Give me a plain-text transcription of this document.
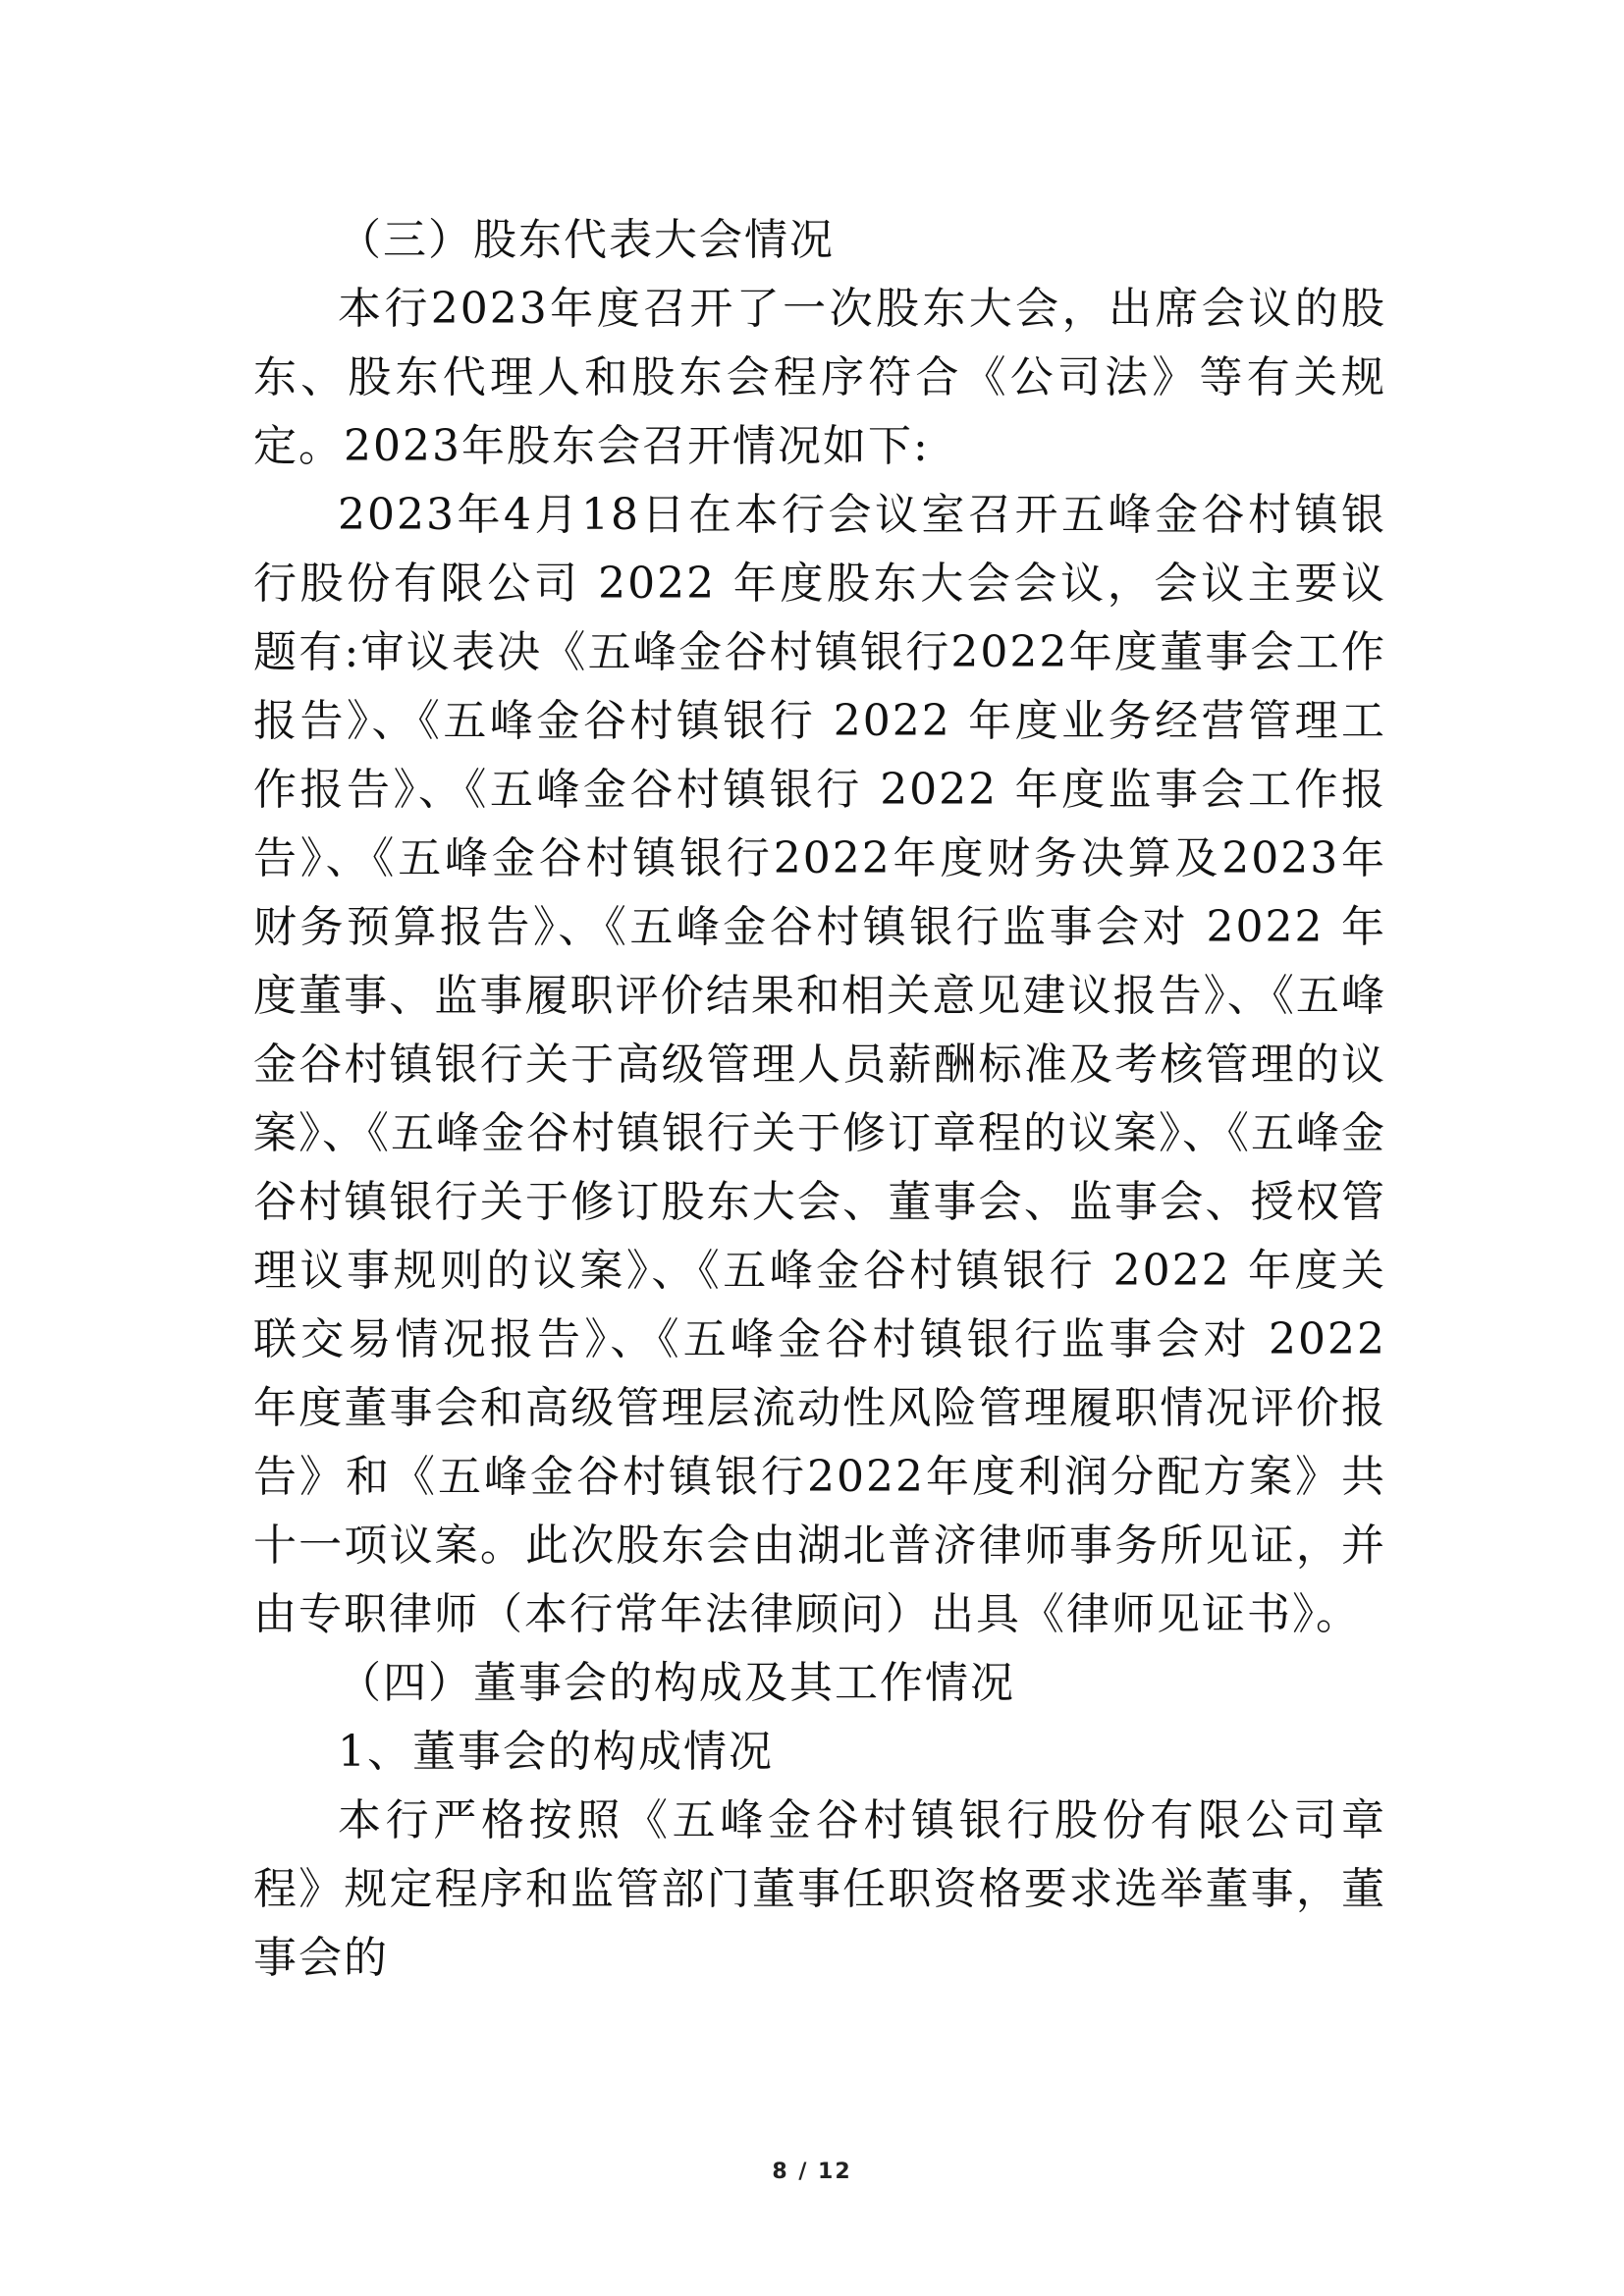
（三）股东代表大会情况

本行2023年度召开了一次股东大会，出席会议的股东、股东代理人和股东会程序符合《公司法》等有关规定。2023年股东会召开情况如下:

2023年4月18日在本行会议室召开五峰金谷村镇银行股份有限公司 2022 年度股东大会会议，会议主要议题有:审议表决《五峰金谷村镇银行2022年度董事会工作报告》、《五峰金谷村镇银行 2022 年度业务经营管理工作报告》、《五峰金谷村镇银行 2022 年度监事会工作报告》、《五峰金谷村镇银行2022年度财务决算及2023年财务预算报告》、《五峰金谷村镇银行监事会对 2022 年度董事、监事履职评价结果和相关意见建议报告》、《五峰金谷村镇银行关于高级管理人员薪酬标准及考核管理的议案》、《五峰金谷村镇银行关于修订章程的议案》、《五峰金谷村镇银行关于修订股东大会、董事会、监事会、授权管理议事规则的议案》、《五峰金谷村镇银行 2022 年度关联交易情况报告》、《五峰金谷村镇银行监事会对 2022 年度董事会和高级管理层流动性风险管理履职情况评价报告》和《五峰金谷村镇银行2022年度利润分配方案》共十一项议案。此次股东会由湖北普济律师事务所见证，并由专职律师（本行常年法律顾问）出具《律师见证书》。

（四）董事会的构成及其工作情况
1、董事会的构成情况

本行严格按照《五峰金谷村镇银行股份有限公司章程》规定程序和监管部门董事任职资格要求选举董事，董事会的

8 / 12
